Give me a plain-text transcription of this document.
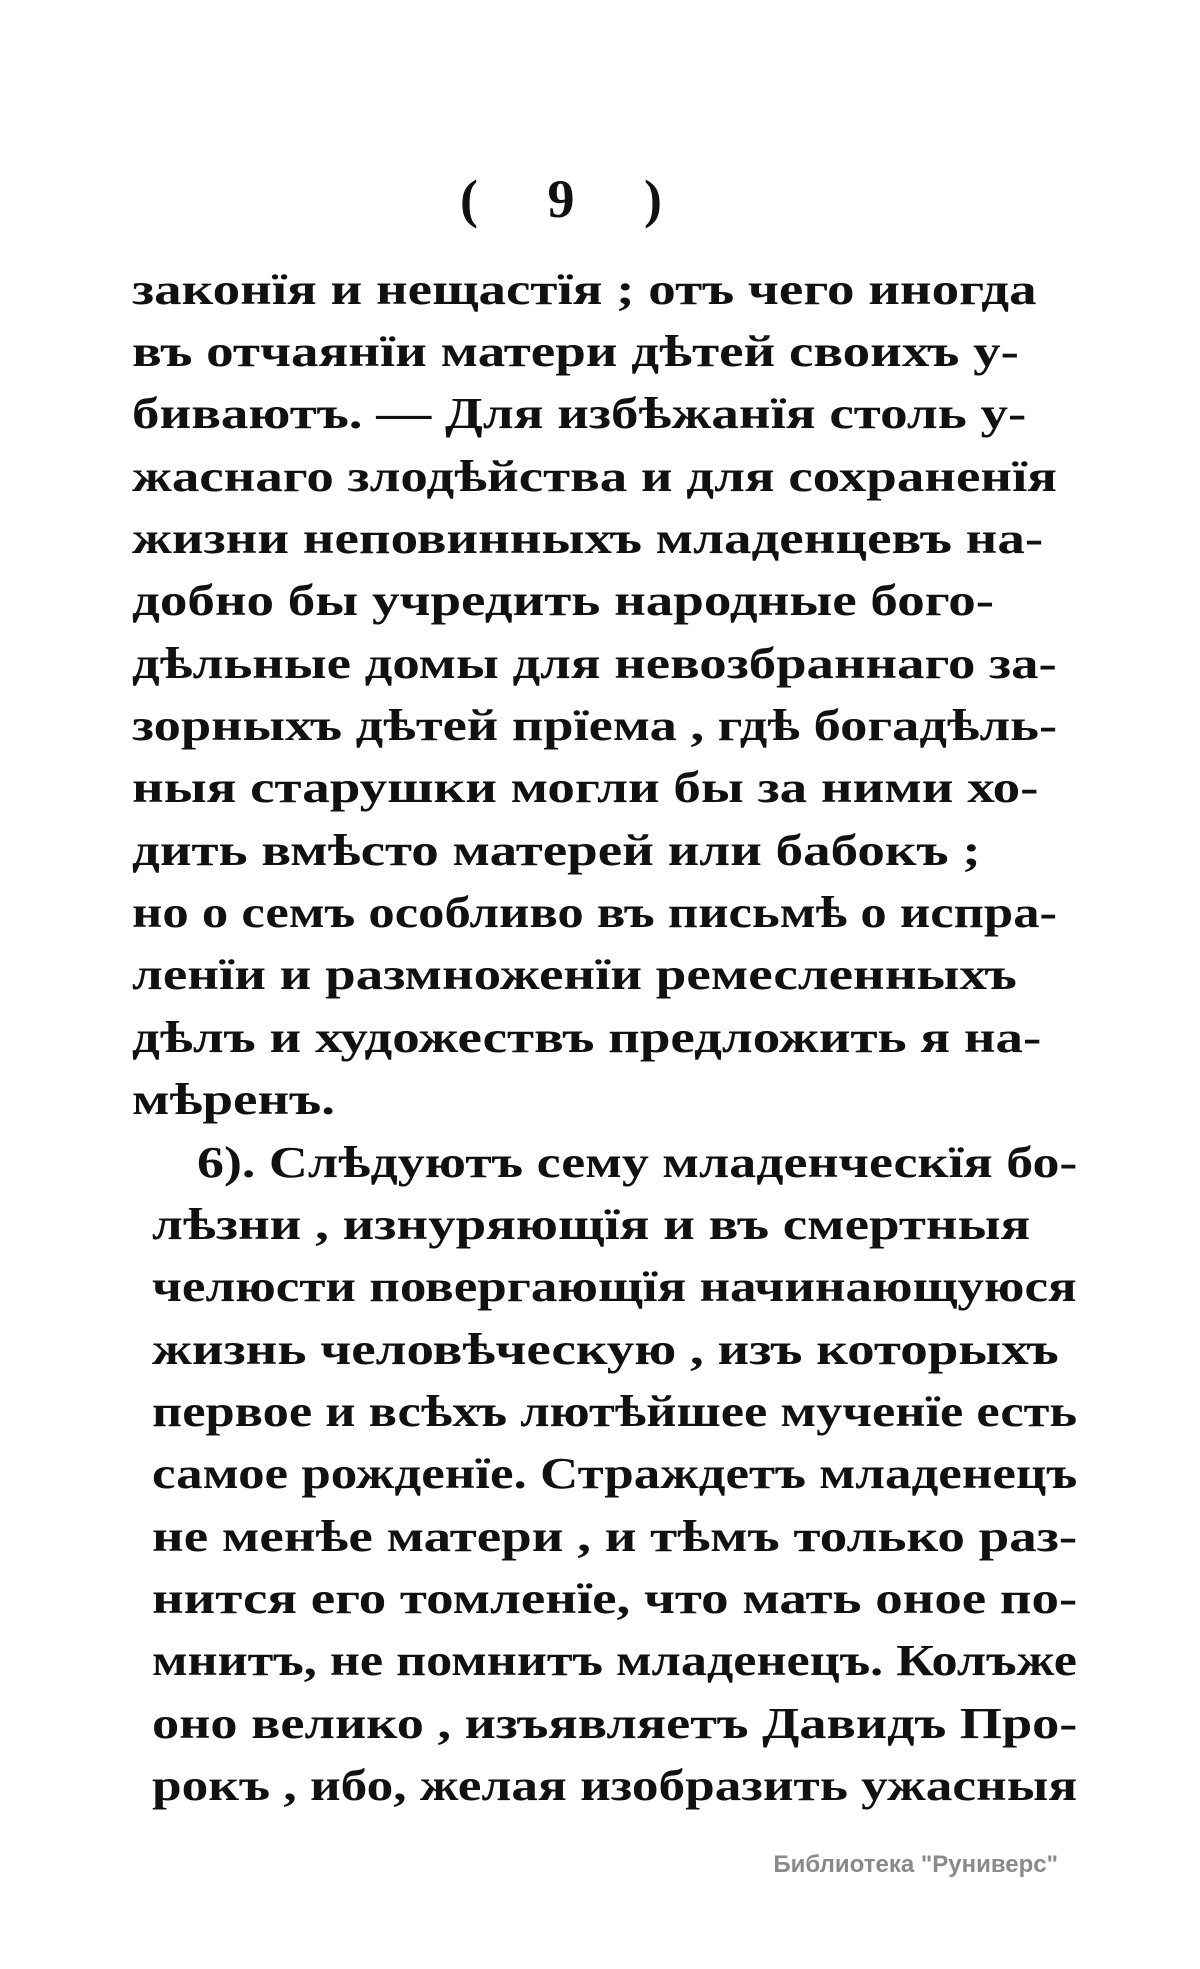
( 9 )
законїя и нещастїя ; отъ чего иногда
въ отчаянїи матери дѣтей своихъ у-
биваютъ. — Для избѣжанїя столь у-
жаснаго злодѣйства и для сохраненїя
жизни неповинныхъ младенцевъ на-
добно бы учредить народные бого-
дѣльные домы для невозбраннаго за-
зорныхъ дѣтей прїема , гдѣ богадѣль-
ныя старушки могли бы за ними хо-
дить вмѣсто матерей или бабокъ ;
но о семъ особливо въ письмѣ о испра-
ленїи и размноженїи ремесленныхъ
дѣлъ и художествъ предложить я на-
мѣренъ.
6). Слѣдуютъ сему младенческїя бо-
лѣзни , изнуряющїя и въ смертныя
челюсти повергающїя начинающуюся
жизнь человѣческую , изъ которыхъ
первое и всѣхъ лютѣйшее мученїе есть
самое рожденїе. Страждетъ младенецъ
не менѣе матери , и тѣмъ только раз-
нится его томленїе, что мать оное по-
мнитъ, не помнитъ младенецъ. Колъже
оно велико , изъявляетъ Давидъ Про-
рокъ , ибо, желая изобразить ужасныя
Библиотека "Руниверс"
